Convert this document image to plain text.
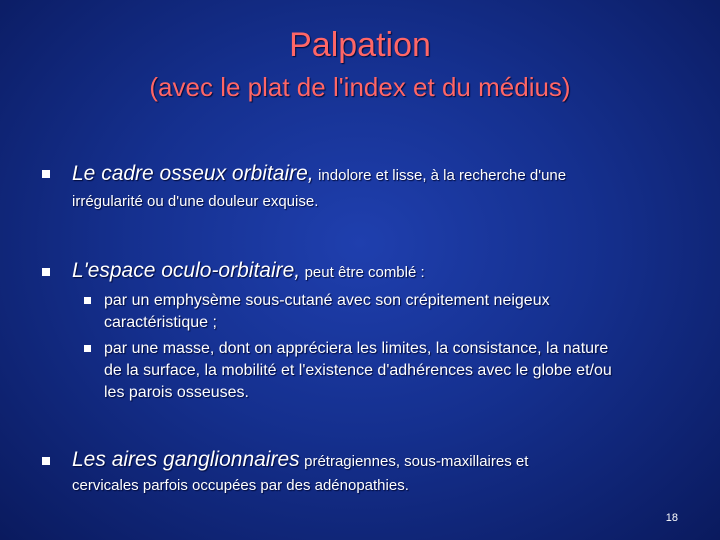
Palpation
(avec le plat de l'index et du médius)
Le cadre osseux orbitaire, indolore et lisse, à la recherche d'une
irrégularité ou d'une douleur exquise.
L'espace oculo-orbitaire, peut être comblé :
par un emphysème sous-cutané avec son crépitement neigeux
caractéristique ;
par une masse, dont on appréciera les limites, la consistance, la nature
de la surface, la mobilité et l'existence d'adhérences avec le globe et/ou
les parois osseuses.
Les aires ganglionnaires prétragiennes, sous-maxillaires et
cervicales parfois occupées par des adénopathies.
18
